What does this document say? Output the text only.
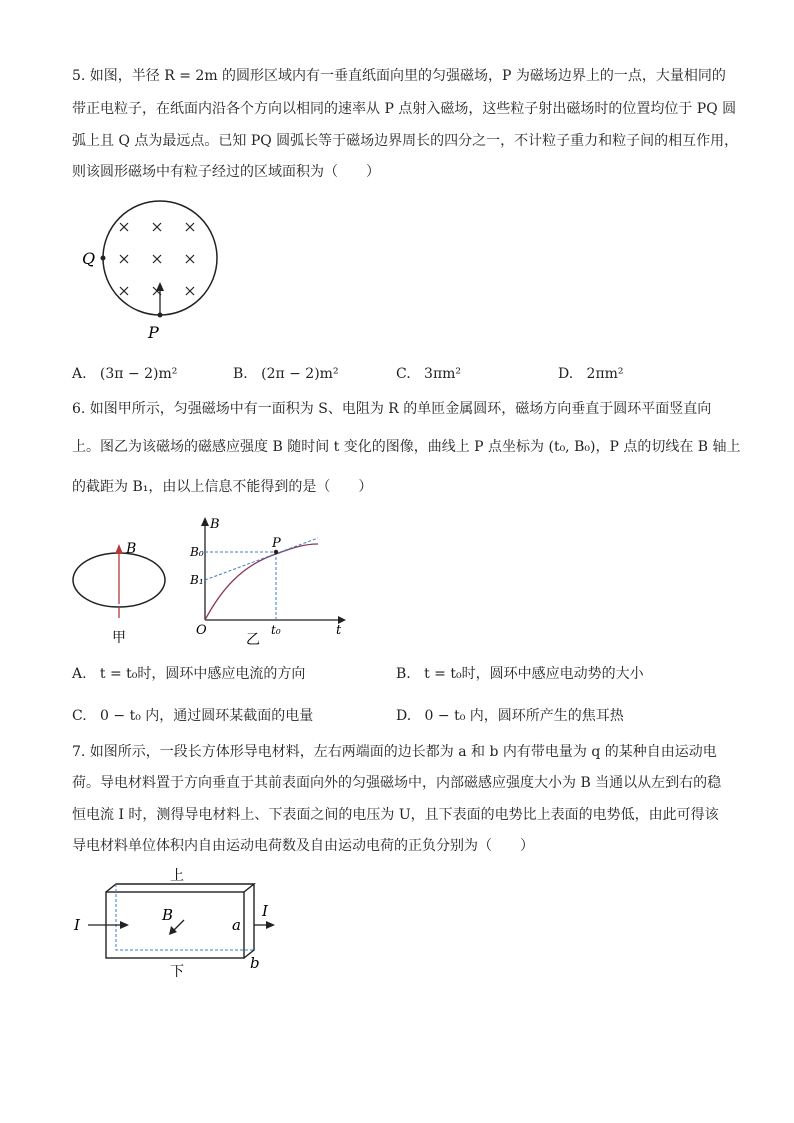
5. 如图，半径 R = 2m 的圆形区域内有一垂直纸面向里的匀强磁场，P 为磁场边界上的一点，大量相同的
带正电粒子，在纸面内沿各个方向以相同的速率从 P 点射入磁场，这些粒子射出磁场时的位置均位于 PQ 圆
弧上且 Q 点为最远点。已知 PQ 圆弧长等于磁场边界周长的四分之一，不计粒子重力和粒子间的相互作用，
则该圆形磁场中有粒子经过的区域面积为（　　）
Q
P
A. (3π − 2)m²	B. (2π − 2)m²	C. 3πm²	D. 2πm²
6. 如图甲所示，匀强磁场中有一面积为 S、电阻为 R 的单匝金属圆环，磁场方向垂直于圆环平面竖直向
上。图乙为该磁场的磁感应强度 B 随时间 t 变化的图像，曲线上 P 点坐标为 (t₀, B₀)，P 点的切线在 B 轴上
的截距为 B₁，由以上信息不能得到的是（　　）
B
甲
B
t
O
P
B₀
B₁
t₀
乙
A. t = t₀时，圆环中感应电流的方向	B. t = t₀时，圆环中感应电动势的大小
C. 0 − t₀ 内，通过圆环某截面的电量	D. 0 − t₀ 内，圆环所产生的焦耳热
7. 如图所示，一段长方体形导电材料，左右两端面的边长都为 a 和 b 内有带电量为 q 的某种自由运动电
荷。导电材料置于方向垂直于其前表面向外的匀强磁场中，内部磁感应强度大小为 B 当通以从左到右的稳
恒电流 I 时，测得导电材料上、下表面之间的电压为 U，且下表面的电势比上表面的电势低，由此可得该
导电材料单位体积内自由运动电荷数及自由运动电荷的正负分别为（　　）
上
下
I
I
B
a
b
